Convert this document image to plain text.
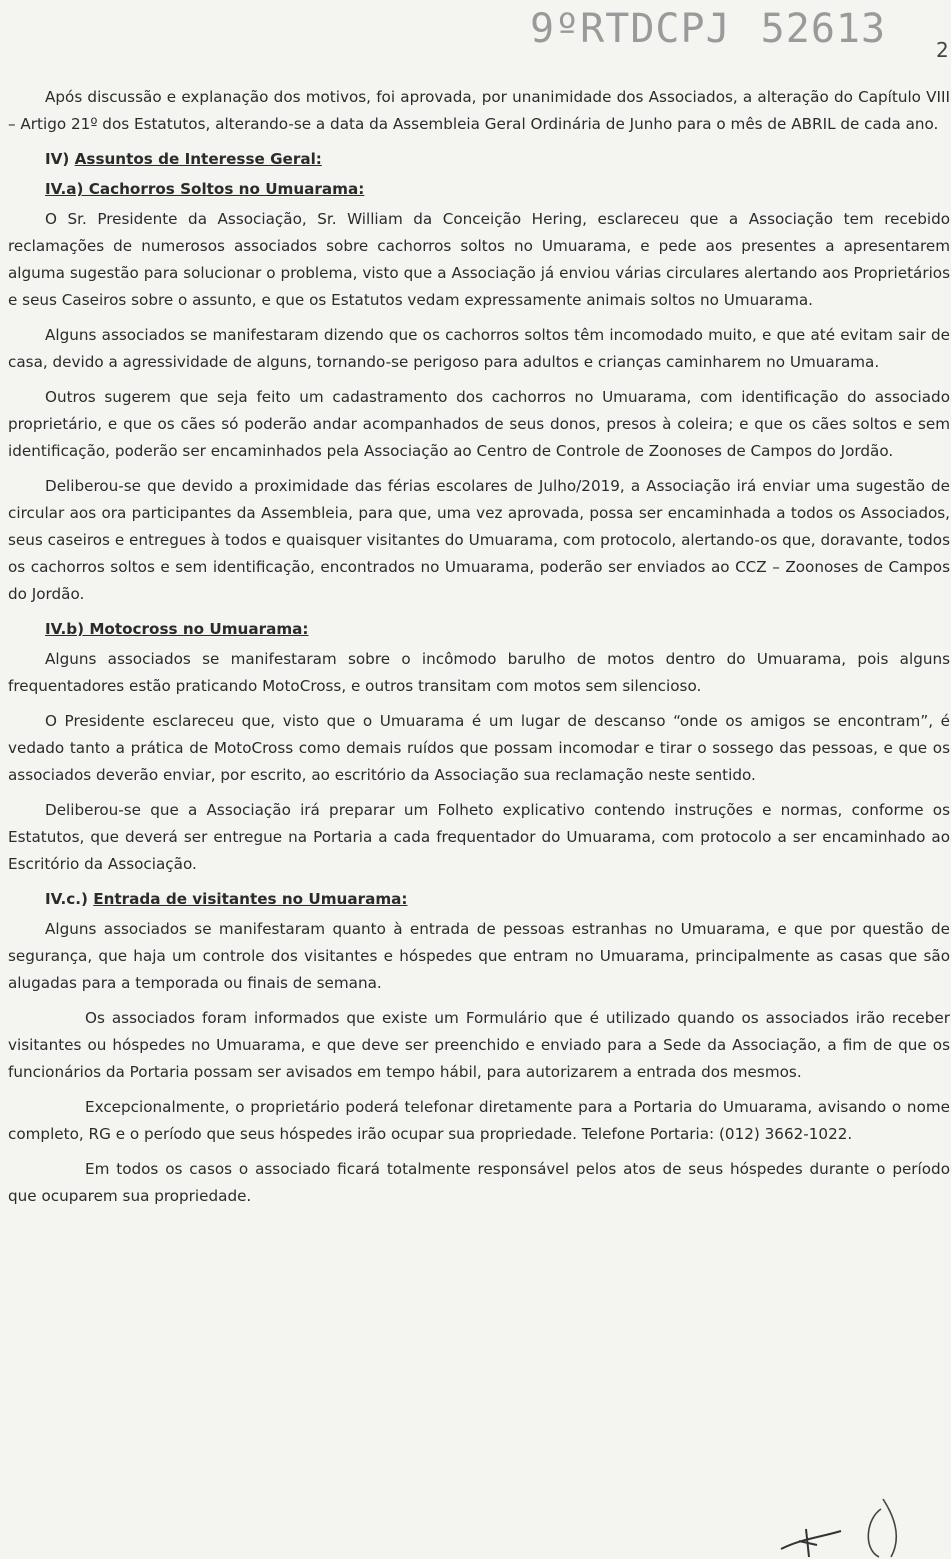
9ºRTDCPJ 52613 2

Após discussão e explanação dos motivos, foi aprovada, por unanimidade dos Associados, a alteração do Capítulo VIII – Artigo 21º dos Estatutos, alterando-se a data da Assembleia Geral Ordinária de Junho para o mês de ABRIL de cada ano.

IV) Assuntos de Interesse Geral:
IV.a) Cachorros Soltos no Umuarama:

O Sr. Presidente da Associação, Sr. William da Conceição Hering, esclareceu que a Associação tem recebido reclamações de numerosos associados sobre cachorros soltos no Umuarama, e pede aos presentes a apresentarem alguma sugestão para solucionar o problema, visto que a Associação já enviou várias circulares alertando aos Proprietários e seus Caseiros sobre o assunto, e que os Estatutos vedam expressamente animais soltos no Umuarama.

Alguns associados se manifestaram dizendo que os cachorros soltos têm incomodado muito, e que até evitam sair de casa, devido a agressividade de alguns, tornando-se perigoso para adultos e crianças caminharem no Umuarama.

Outros sugerem que seja feito um cadastramento dos cachorros no Umuarama, com identificação do associado proprietário, e que os cães só poderão andar acompanhados de seus donos, presos à coleira; e que os cães soltos e sem identificação, poderão ser encaminhados pela Associação ao Centro de Controle de Zoonoses de Campos do Jordão.

Deliberou-se que devido a proximidade das férias escolares de Julho/2019, a Associação irá enviar uma sugestão de circular aos ora participantes da Assembleia, para que, uma vez aprovada, possa ser encaminhada a todos os Associados, seus caseiros e entregues à todos e quaisquer visitantes do Umuarama, com protocolo, alertando-os que, doravante, todos os cachorros soltos e sem identificação, encontrados no Umuarama, poderão ser enviados ao CCZ – Zoonoses de Campos do Jordão.

IV.b) Motocross no Umuarama:

Alguns associados se manifestaram sobre o incômodo barulho de motos dentro do Umuarama, pois alguns frequentadores estão praticando MotoCross, e outros transitam com motos sem silencioso.

O Presidente esclareceu que, visto que o Umuarama é um lugar de descanso “onde os amigos se encontram”, é vedado tanto a prática de MotoCross como demais ruídos que possam incomodar e tirar o sossego das pessoas, e que os associados deverão enviar, por escrito, ao escritório da Associação sua reclamação neste sentido.

Deliberou-se que a Associação irá preparar um Folheto explicativo contendo instruções e normas, conforme os Estatutos, que deverá ser entregue na Portaria a cada frequentador do Umuarama, com protocolo a ser encaminhado ao Escritório da Associação.

IV.c.) Entrada de visitantes no Umuarama:

Alguns associados se manifestaram quanto à entrada de pessoas estranhas no Umuarama, e que por questão de segurança, que haja um controle dos visitantes e hóspedes que entram no Umuarama, principalmente as casas que são alugadas para a temporada ou finais de semana.

Os associados foram informados que existe um Formulário que é utilizado quando os associados irão receber visitantes ou hóspedes no Umuarama, e que deve ser preenchido e enviado para a Sede da Associação, a fim de que os funcionários da Portaria possam ser avisados em tempo hábil, para autorizarem a entrada dos mesmos.

Excepcionalmente, o proprietário poderá telefonar diretamente para a Portaria do Umuarama, avisando o nome completo, RG e o período que seus hóspedes irão ocupar sua propriedade. Telefone Portaria: (012) 3662-1022.

Em todos os casos o associado ficará totalmente responsável pelos atos de seus hóspedes durante o período que ocuparem sua propriedade.
